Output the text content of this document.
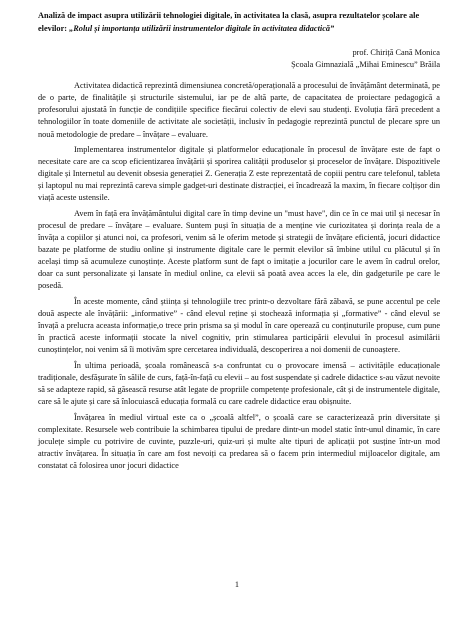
Analiză de impact asupra utilizării tehnologiei digitale, în activitatea la clasă, asupra rezultatelor școlare ale elevilor: „Rolul și importanța utilizării instrumentelor digitale în activitatea didactică”
prof. Chiriță Cană Monica
Școala Gimnazială „Mihai Eminescu” Brăila

Activitatea didactică reprezintă dimensiunea concretă/operațională a procesului de învățământ determinată, pe de o parte, de finalitățile și structurile sistemului, iar pe de altă parte, de capacitatea de proiectare pedagogică a profesorului ajustată în funcție de condițiile specifice fiecărui colectiv de elevi sau studenți. Evoluția fără precedent a tehnologiilor în toate domeniile de activitate ale societății, inclusiv în pedagogie reprezintă punctul de plecare spre un nouă metodologie de predare – învățare – evaluare.

Implementarea instrumentelor digitale și platformelor educaționale în procesul de învățare este de fapt o necesitate care are ca scop eficientizarea învățării și sporirea calității produselor și proceselor de învățare. Dispozitivele digitale și Internetul au devenit obsesia generației Z. Generația Z este reprezentată de copiii pentru care telefonul, tableta și laptopul nu mai reprezintă careva simple gadget-uri destinate distracției, ei încadrează la maxim, în fiecare colțișor din viață aceste ustensile.

Avem în față era învățământului digital care în timp devine un "must have", din ce în ce mai util și necesar în procesul de predare – învățare – evaluare. Suntem puși în situația de a menține vie curiozitatea și dorința reala de a învăța a copiilor și atunci noi, ca profesori, venim să le oferim metode și strategii de învățare eficientă, jocuri didactice bazate pe platforme de studiu online și instrumente digitale care le permit elevilor să îmbine utilul cu plăcutul și în același timp să acumuleze cunoștințe. Aceste platform sunt de fapt o imitație a jocurilor care le avem în cadrul orelor, doar ca sunt personalizate și lansate în mediul online, ca elevii să poată avea acces la ele, din gadgeturile pe care le posedă.

În aceste momente, când știința și tehnologiile trec printr-o dezvoltare fără zăbavă, se pune accentul pe cele două aspecte ale învățării: „informative” - când elevul reține și stochează informația și „formative” - când elevul se învață a prelucra aceasta informație,o trece prin prisma sa și modul în care operează cu conținuturile propuse, cum pune în practică aceste informații stocate la nivel cognitiv, prin stimularea participării elevului în procesul asimilării cunoștințelor, noi venim să îi motivăm spre cercetarea individuală, descoperirea a noi domenii de cunoaștere.

În ultima perioadă, școala românească s-a confruntat cu o provocare imensă – activitățile educaționale tradiționale, desfășurate în sălile de curs, față-în-față cu elevii – au fost suspendate și cadrele didactice s-au văzut nevoite să se adapteze rapid, să găsească resurse atât legate de propriile competențe profesionale, cât și de instrumentele digitale, care să le ajute și care să înlocuiască educația formală cu care cadrele didactice erau obișnuite.

Învățarea în mediul virtual este ca o „școală altfel”, o școală care se caracterizează prin diversitate și complexitate. Resursele web contribuie la schimbarea tipului de predare dintr-un model static într-unul dinamic, în care joculețe simple cu potrivire de cuvinte, puzzle-uri, quiz-uri și multe alte tipuri de aplicații pot susține într-un mod atractiv învățarea. În situația în care am fost nevoiți ca predarea să o facem prin intermediul mijloacelor digitale, am constatat că folosirea unor jocuri didactice

1
